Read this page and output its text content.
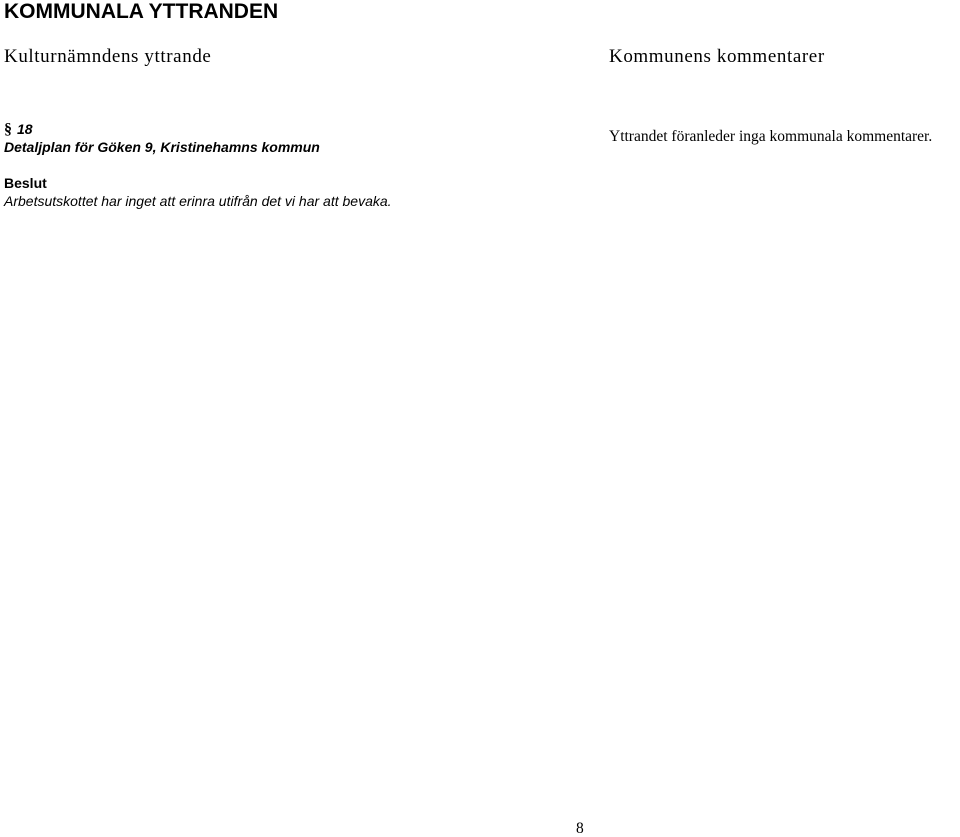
KOMMUNALA YTTRANDEN
Kulturnämndens yttrande	Kommunens kommentarer
§ 18
Detaljplan för Göken 9, Kristinehamns kommun
Beslut
Arbetsutskottet har inget att erinra utifrån det vi har att bevaka.
Yttrandet föranleder inga kommunala kommentarer.
8
